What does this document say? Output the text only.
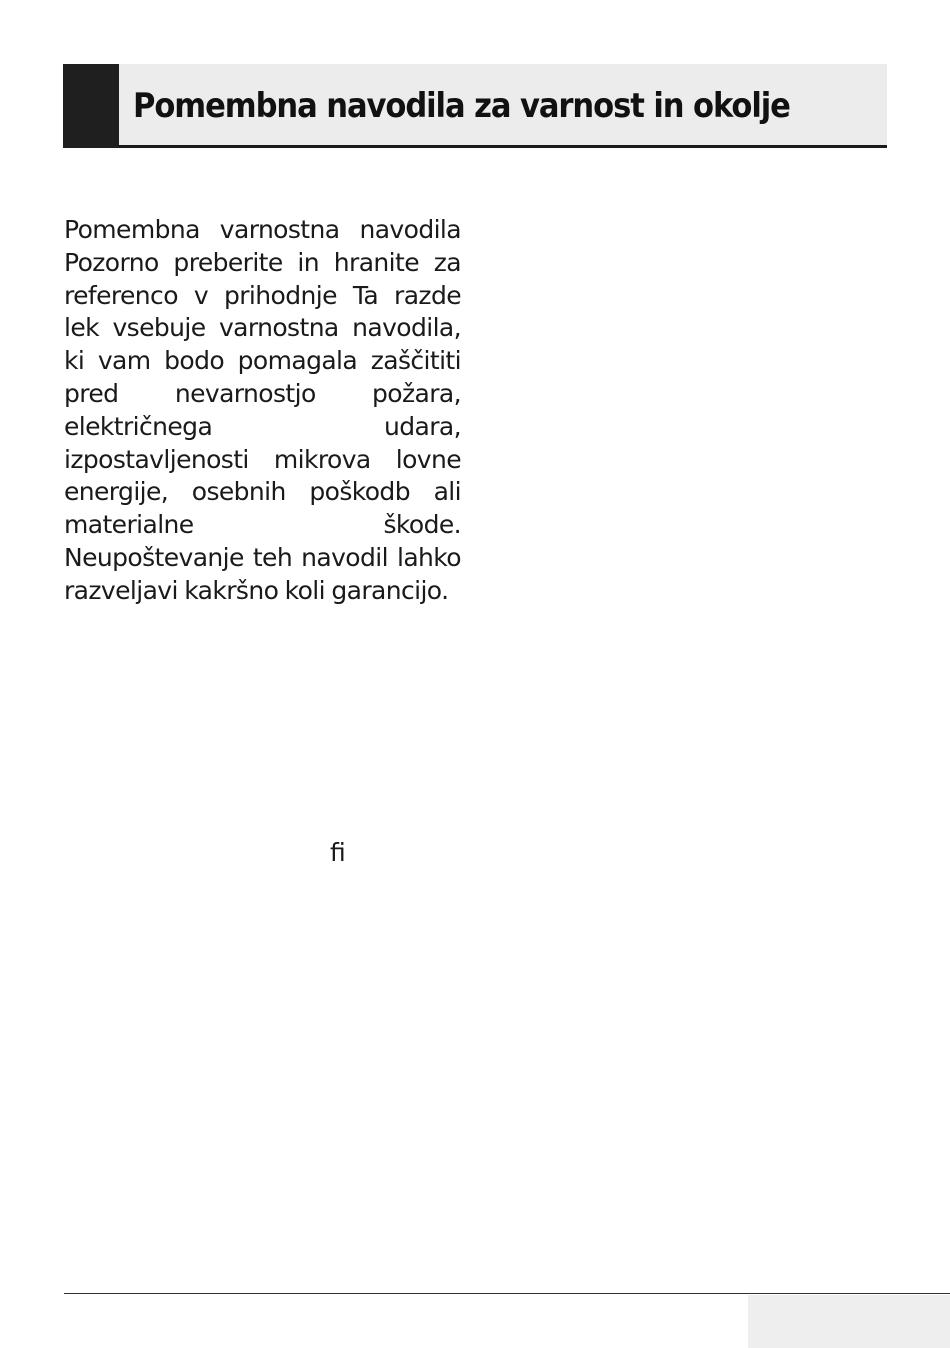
Pomembna navodila za varnost in okolje

Pomembna varnostna navodila Pozorno preberite in hranite za referenco v prihodnje Ta razde lek vsebuje varnostna navodila, ki vam bodo pomagala zaščititi pred nevarnostjo požara, električnega udara, izpostavljenosti mikrova lovne energije, osebnih poškodb ali materialne škode. Neupoštevanje teh navodil lahko razveljavi kakršno koli garancijo.

ﬁ
